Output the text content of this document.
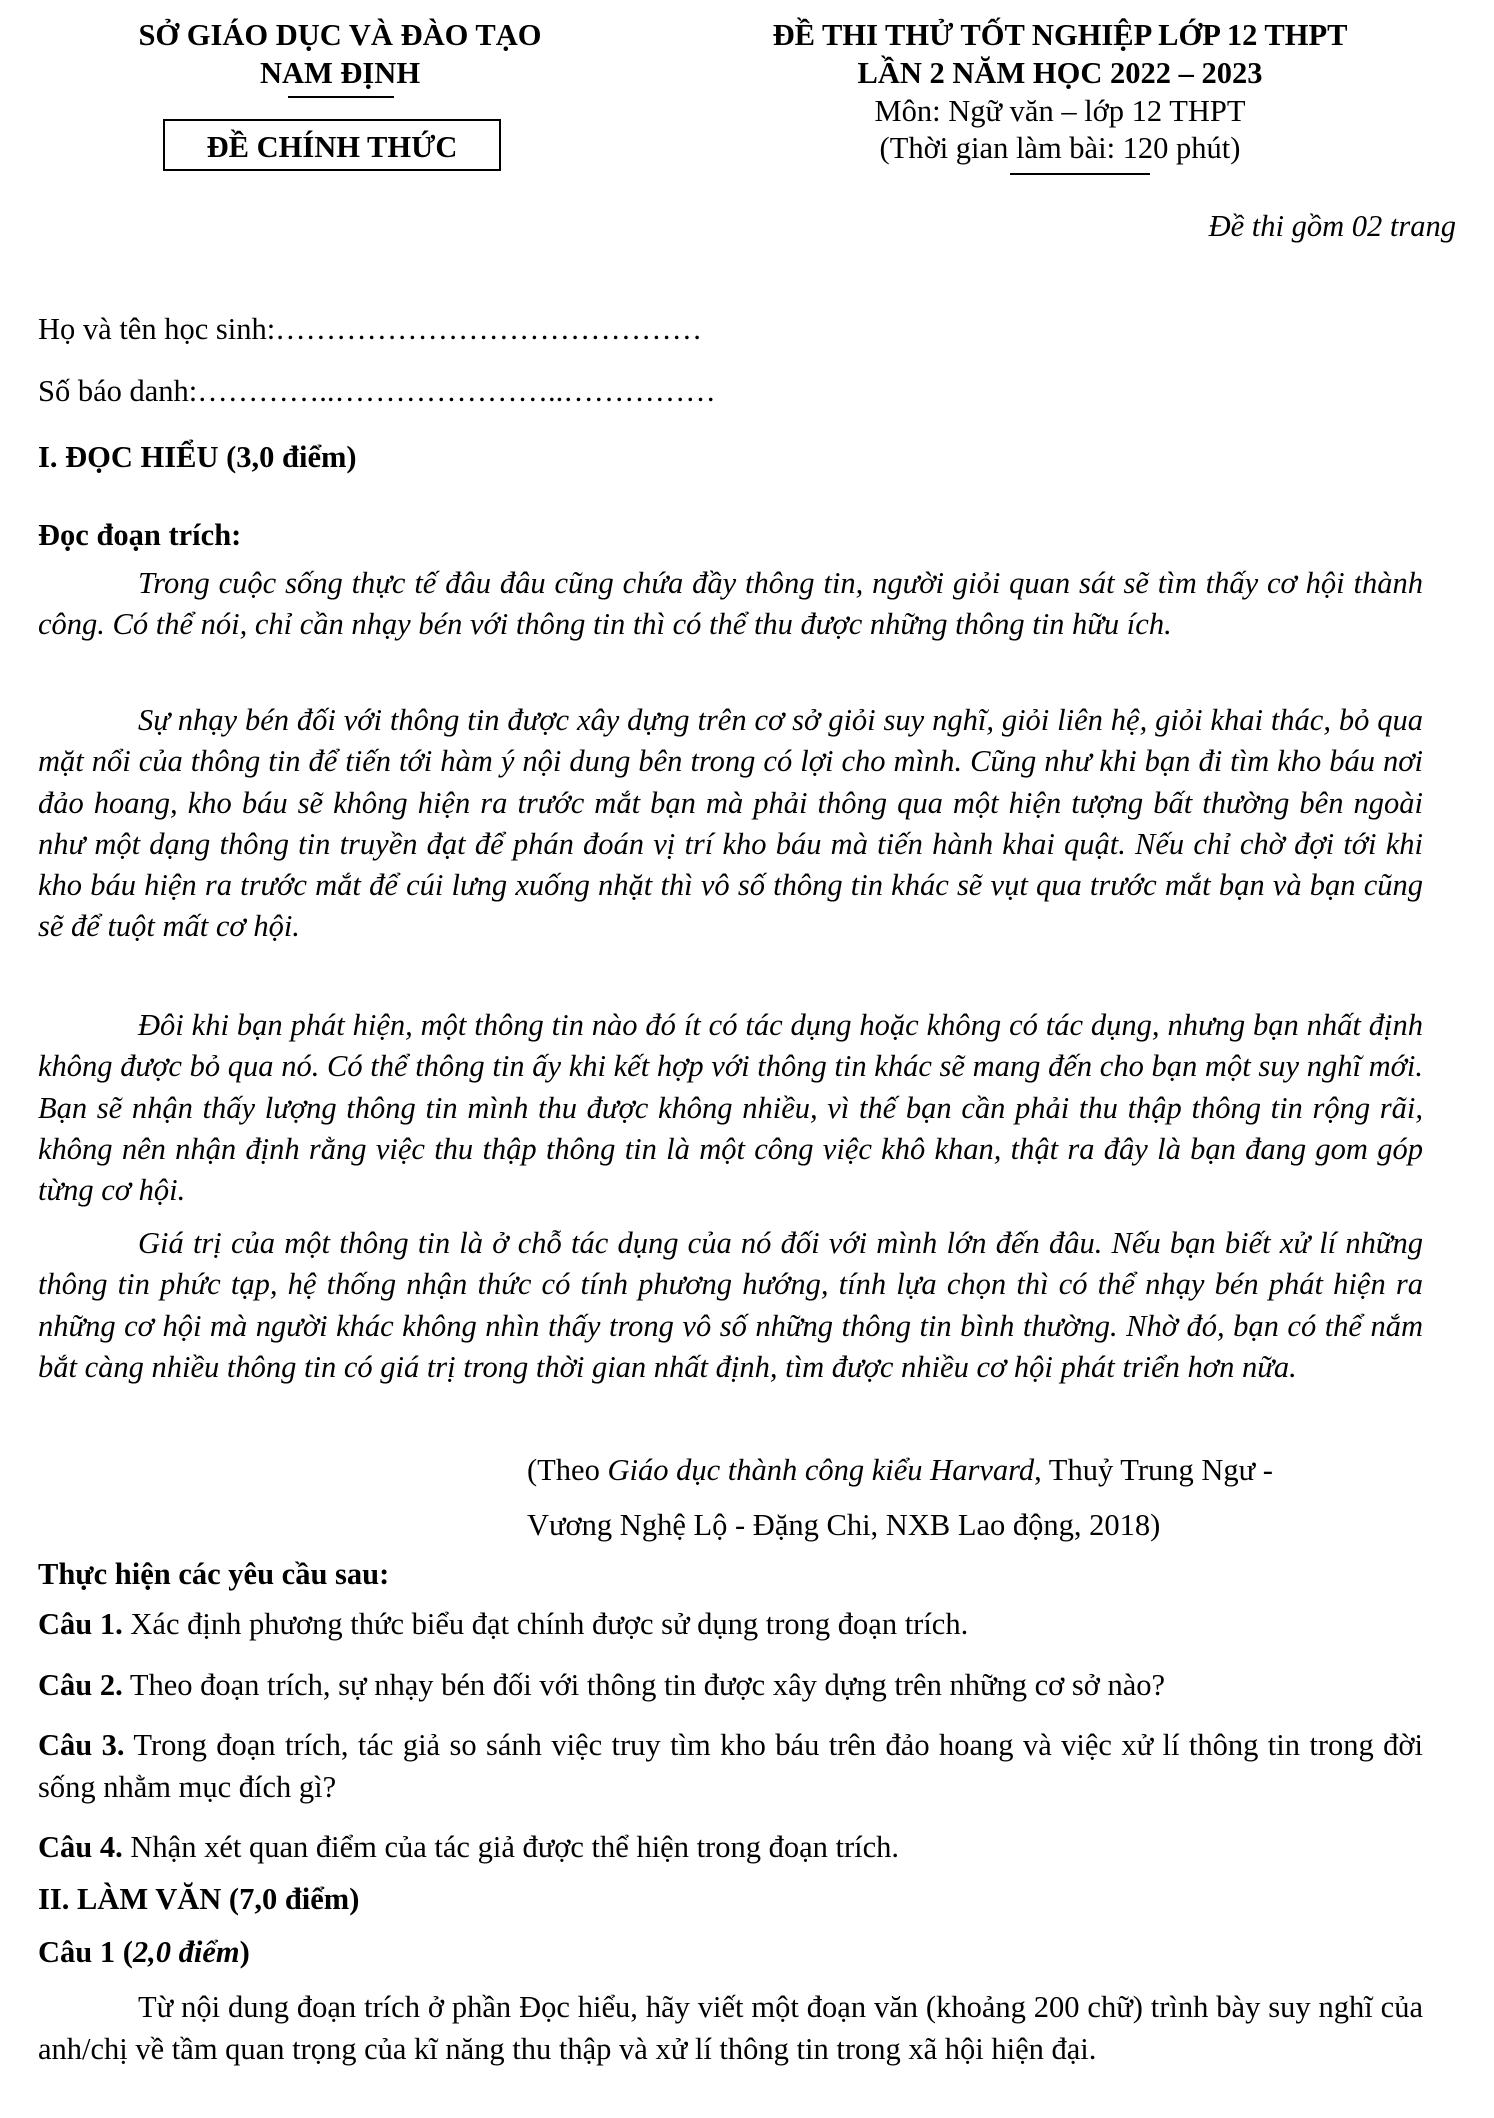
SỞ GIÁO DỤC VÀ ĐÀO TẠO
NAM ĐỊNH
ĐỀ CHÍNH THỨC
ĐỀ THI THỬ TỐT NGHIỆP LỚP 12 THPT
LẦN 2 NĂM HỌC 2022 – 2023
Môn: Ngữ văn – lớp 12 THPT
(Thời gian làm bài: 120 phút)
Đề thi gồm 02 trang
Họ và tên học sinh:……………………………………
Số báo danh:…………..…………………..……………
I. ĐỌC HIỂU (3,0 điểm)
Đọc đoạn trích:

Trong cuộc sống thực tế đâu đâu cũng chứa đầy thông tin, người giỏi quan sát sẽ tìm thấy cơ hội thành công. Có thể nói, chỉ cần nhạy bén với thông tin thì có thể thu được những thông tin hữu ích.

Sự nhạy bén đối với thông tin được xây dựng trên cơ sở giỏi suy nghĩ, giỏi liên hệ, giỏi khai thác, bỏ qua mặt nổi của thông tin để tiến tới hàm ý nội dung bên trong có lợi cho mình. Cũng như khi bạn đi tìm kho báu nơi đảo hoang, kho báu sẽ không hiện ra trước mắt bạn mà phải thông qua một hiện tượng bất thường bên ngoài như một dạng thông tin truyền đạt để phán đoán vị trí kho báu mà tiến hành khai quật. Nếu chỉ chờ đợi tới khi kho báu hiện ra trước mắt để cúi lưng xuống nhặt thì vô số thông tin khác sẽ vụt qua trước mắt bạn và bạn cũng sẽ để tuột mất cơ hội.

Đôi khi bạn phát hiện, một thông tin nào đó ít có tác dụng hoặc không có tác dụng, nhưng bạn nhất định không được bỏ qua nó. Có thể thông tin ấy khi kết hợp với thông tin khác sẽ mang đến cho bạn một suy nghĩ mới. Bạn sẽ nhận thấy lượng thông tin mình thu được không nhiều, vì thế bạn cần phải thu thập thông tin rộng rãi, không nên nhận định rằng việc thu thập thông tin là một công việc khô khan, thật ra đây là bạn đang gom góp từng cơ hội.

Giá trị của một thông tin là ở chỗ tác dụng của nó đối với mình lớn đến đâu. Nếu bạn biết xử lí những thông tin phức tạp, hệ thống nhận thức có tính phương hướng, tính lựa chọn thì có thể nhạy bén phát hiện ra những cơ hội mà người khác không nhìn thấy trong vô số những thông tin bình thường. Nhờ đó, bạn có thể nắm bắt càng nhiều thông tin có giá trị trong thời gian nhất định, tìm được nhiều cơ hội phát triển hơn nữa.

(Theo Giáo dục thành công kiểu Harvard, Thuỷ Trung Ngư -
Vương Nghệ Lộ - Đặng Chi, NXB Lao động, 2018)
Thực hiện các yêu cầu sau:

Câu 1. Xác định phương thức biểu đạt chính được sử dụng trong đoạn trích.

Câu 2. Theo đoạn trích, sự nhạy bén đối với thông tin được xây dựng trên những cơ sở nào?

Câu 3. Trong đoạn trích, tác giả so sánh việc truy tìm kho báu trên đảo hoang và việc xử lí thông tin trong đời sống nhằm mục đích gì?

Câu 4. Nhận xét quan điểm của tác giả được thể hiện trong đoạn trích.

II. LÀM VĂN (7,0 điểm)
Câu 1 (2,0 điểm)

Từ nội dung đoạn trích ở phần Đọc hiểu, hãy viết một đoạn văn (khoảng 200 chữ) trình bày suy nghĩ của anh/chị về tầm quan trọng của kĩ năng thu thập và xử lí thông tin trong xã hội hiện đại.
